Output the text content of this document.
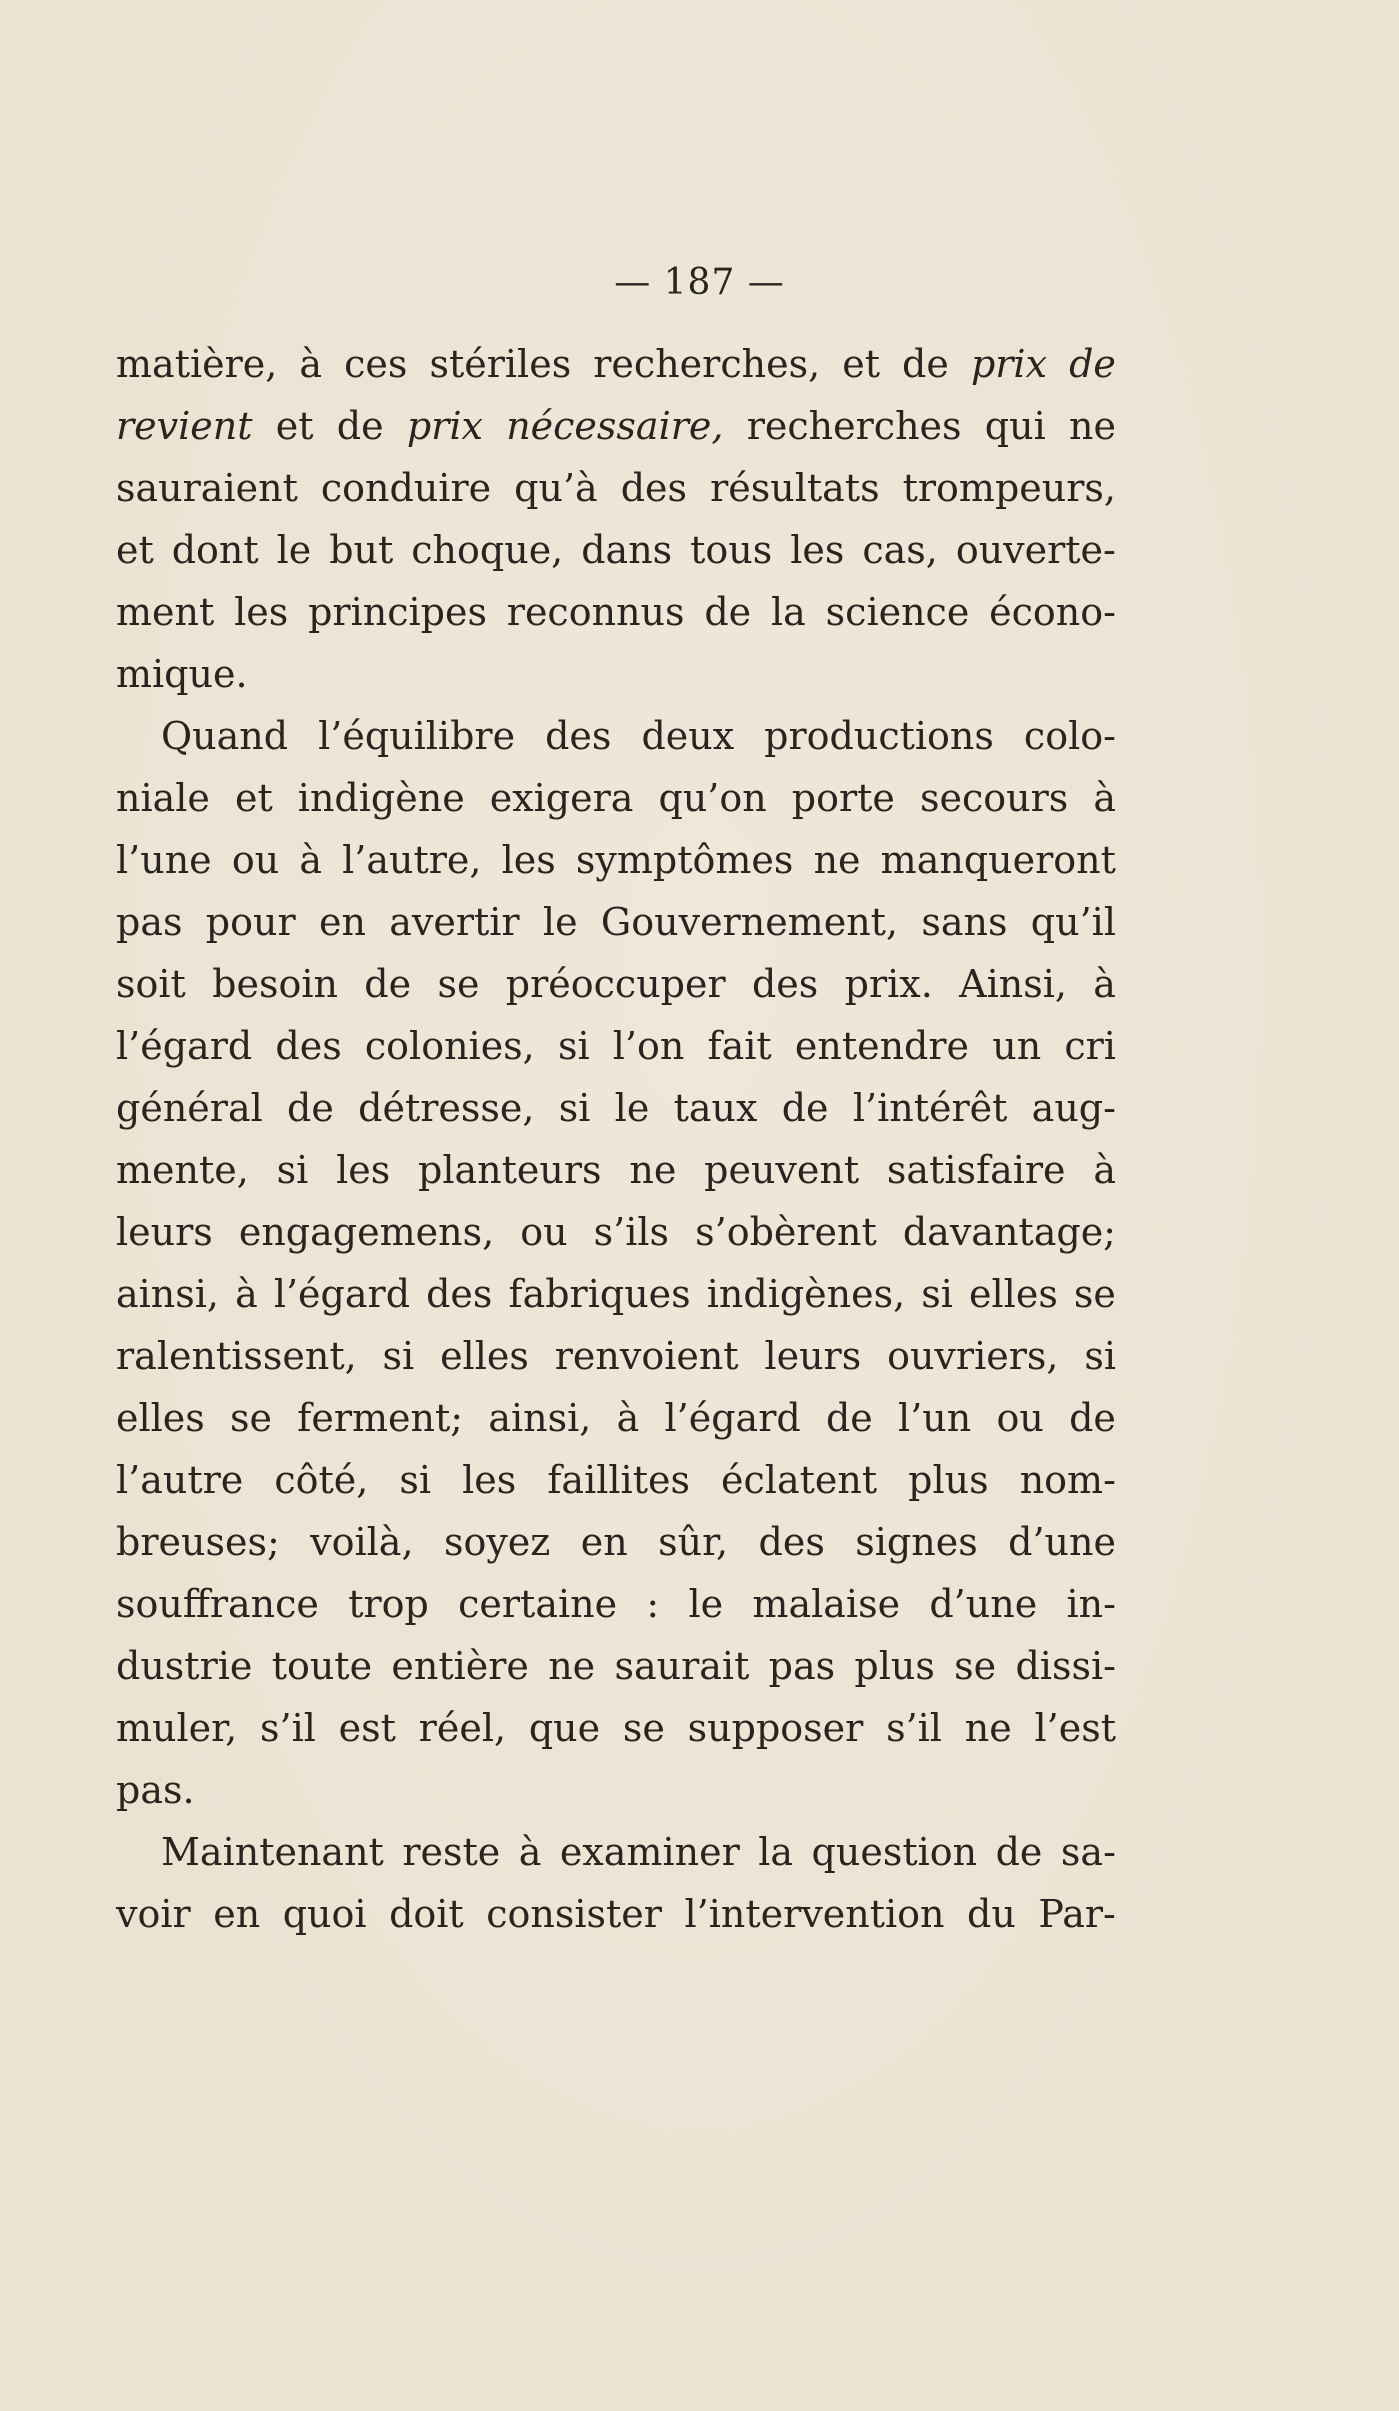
— 187 —
matière, à ces stériles recherches, et de prix de
revient et de prix nécessaire, recherches qui ne
sauraient conduire qu’à des résultats trompeurs,
et dont le but choque, dans tous les cas, ouverte-
ment les principes reconnus de la science écono-
mique.
Quand l’équilibre des deux productions colo-
niale et indigène exigera qu’on porte secours à
l’une ou à l’autre, les symptômes ne manqueront
pas pour en avertir le Gouvernement, sans qu’il
soit besoin de se préoccuper des prix. Ainsi, à
l’égard des colonies, si l’on fait entendre un cri
général de détresse, si le taux de l’intérêt aug-
mente, si les planteurs ne peuvent satisfaire à
leurs engagemens, ou s’ils s’obèrent davantage;
ainsi, à l’égard des fabriques indigènes, si elles se
ralentissent, si elles renvoient leurs ouvriers, si
elles se ferment; ainsi, à l’égard de l’un ou de
l’autre côté, si les faillites éclatent plus nom-
breuses; voilà, soyez en sûr, des signes d’une
souffrance trop certaine : le malaise d’une in-
dustrie toute entière ne saurait pas plus se dissi-
muler, s’il est réel, que se supposer s’il ne l’est
pas.
Maintenant reste à examiner la question de sa-
voir en quoi doit consister l’intervention du Par-
